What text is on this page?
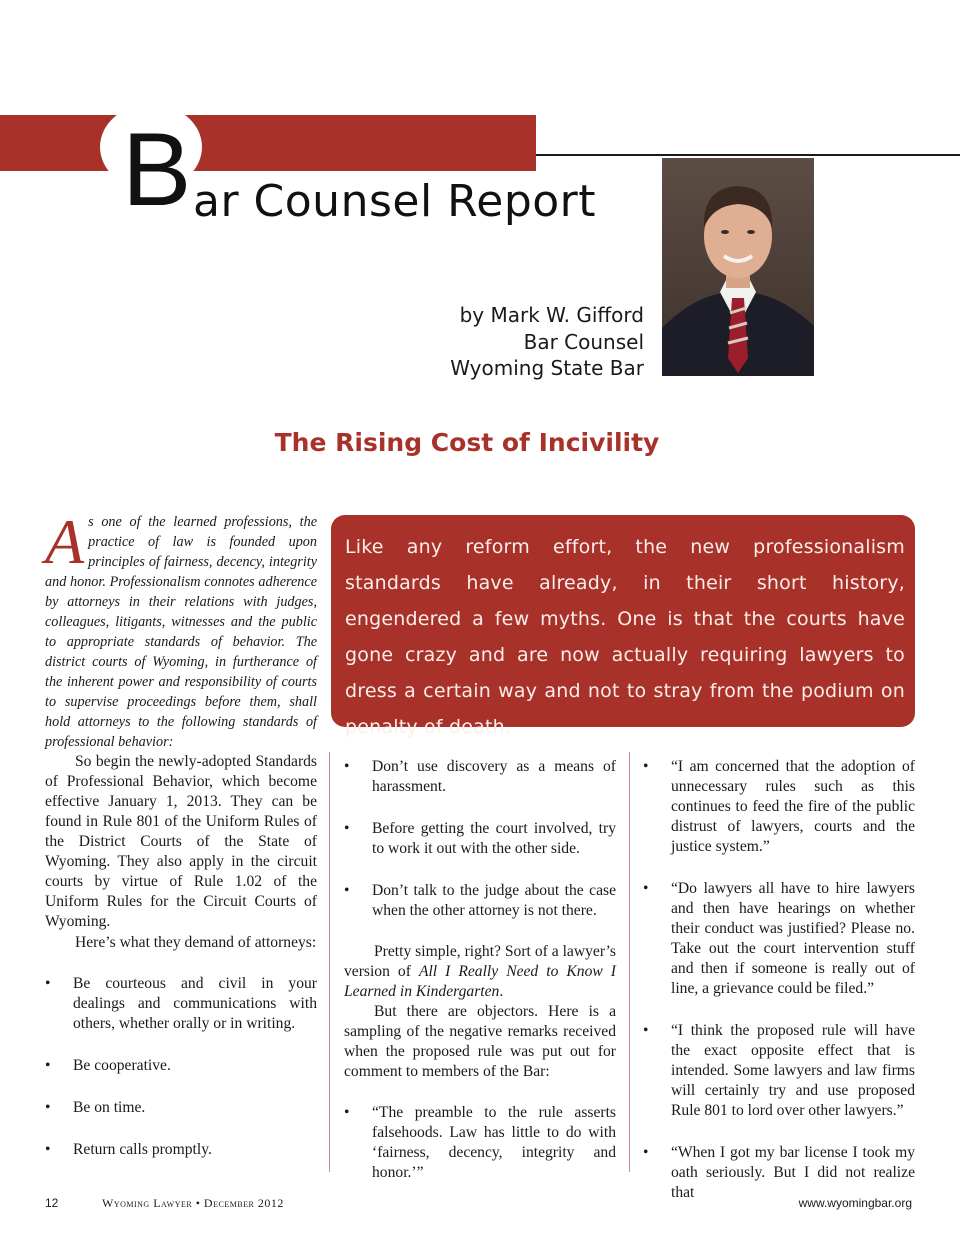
B ar Counsel Report
by Mark W. Gifford
Bar Counsel
Wyoming State Bar
The Rising Cost of Incivility
As one of the learned professions, the practice of law is founded upon principles of fairness, decency, integrity and honor. Professionalism connotes adherence by attorneys in their relations with judges, colleagues, litigants, witnesses and the public to appropriate standards of behavior. The district courts of Wyoming, in furtherance of the inherent power and responsibility of courts to supervise proceedings before them, shall hold attorneys to the following standards of professional behavior:

So begin the newly-adopted Standards of Professional Behavior, which become effective January 1, 2013. They can be found in Rule 801 of the Uniform Rules of the District Courts of the State of Wyoming. They also apply in the circuit courts by virtue of Rule 1.02 of the Uniform Rules for the Circuit Courts of Wyoming.

Here’s what they demand of attorneys:
• Be courteous and civil in your dealings and communications with others, whether orally or in writing.
• Be cooperative.
• Be on time.
• Return calls promptly.
Like any reform effort, the new professionalism standards have already, in their short history, engendered a few myths. One is that the courts have gone crazy and are now actually requiring lawyers to dress a certain way and not to stray from the podium on penalty of death.
• Don’t use discovery as a means of harassment.
• Before getting the court involved, try to work it out with the other side.
• Don’t talk to the judge about the case when the other attorney is not there.

Pretty simple, right? Sort of a lawyer’s version of All I Really Need to Know I Learned in Kindergarten.

But there are objectors. Here is a sampling of the negative remarks received when the proposed rule was put out for comment to members of the Bar:

• “The preamble to the rule asserts falsehoods. Law has little to do with ‘fairness, decency, integrity and honor.’”
• “I am concerned that the adoption of unnecessary rules such as this continues to feed the fire of the public distrust of lawyers, courts and the justice system.”
• “Do lawyers all have to hire lawyers and then have hearings on whether their conduct was justified? Please no. Take out the court intervention stuff and then if someone is really out of line, a grievance could be filed.”
• “I think the proposed rule will have the exact opposite effect that is intended. Some lawyers and law firms will certainly try and use proposed Rule 801 to lord over other lawyers.”
• “When I got my bar license I took my oath seriously. But I did not realize that
12	Wyoming Lawyer • December 2012	www.wyomingbar.org
